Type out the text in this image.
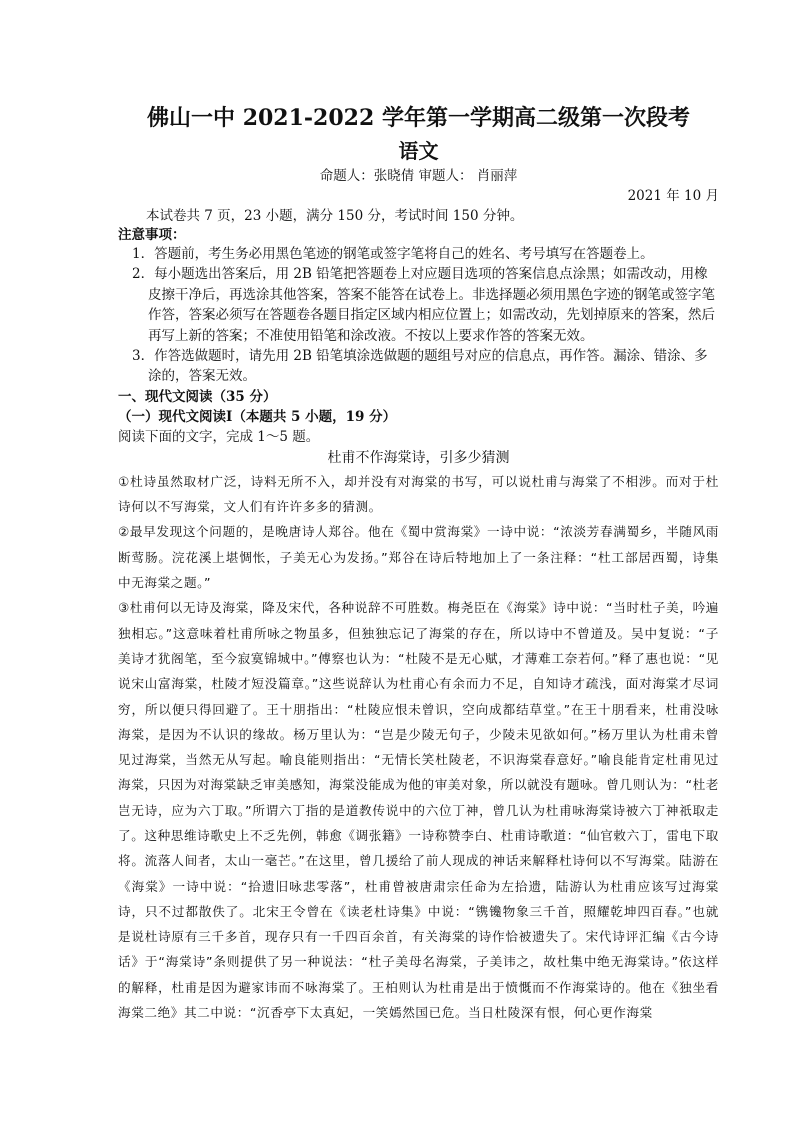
佛山一中 2021-2022 学年第一学期高二级第一次段考
语文
命题人：张晓倩 审题人： 肖丽萍
2021 年 10 月
本试卷共 7 页，23 小题，满分 150 分，考试时间 150 分钟。
注意事项：
1．答题前，考生务必用黑色笔迹的钢笔或签字笔将自己的姓名、考号填写在答题卷上。
2．每小题选出答案后，用 2B 铅笔把答题卷上对应题目选项的答案信息点涂黑；如需改动，用橡皮擦干净后，再选涂其他答案，答案不能答在试卷上。非选择题必须用黑色字迹的钢笔或签字笔作答，答案必须写在答题卷各题目指定区域内相应位置上；如需改动，先划掉原来的答案，然后再写上新的答案；不准使用铅笔和涂改液。不按以上要求作答的答案无效。
3．作答选做题时，请先用 2B 铅笔填涂选做题的题组号对应的信息点，再作答。漏涂、错涂、多涂的，答案无效。
一、现代文阅读（35 分）
（一）现代文阅读Ⅰ（本题共 5 小题，19 分）
阅读下面的文字，完成 1～5 题。
杜甫不作海棠诗，引多少猜测

①杜诗虽然取材广泛，诗料无所不入，却并没有对海棠的书写，可以说杜甫与海棠了不相涉。而对于杜诗何以不写海棠，文人们有许许多多的猜测。

②最早发现这个问题的，是晚唐诗人郑谷。他在《蜀中赏海棠》一诗中说：“浓淡芳春满蜀乡，半随风雨断莺肠。浣花溪上堪惆怅，子美无心为发扬。”郑谷在诗后特地加上了一条注释：“杜工部居西蜀，诗集中无海棠之题。”

③杜甫何以无诗及海棠，降及宋代，各种说辞不可胜数。梅尧臣在《海棠》诗中说：“当时杜子美，吟遍独相忘。”这意味着杜甫所咏之物虽多，但独独忘记了海棠的存在，所以诗中不曾道及。吴中复说：“子美诗才犹阁笔，至今寂寞锦城中。”傅察也认为：“杜陵不是无心赋，才薄难工奈若何。”释了惠也说：“见说宋山富海棠，杜陵才短没篇章。”这些说辞认为杜甫心有余而力不足，自知诗才疏浅，面对海棠才尽词穷，所以便只得回避了。王十朋指出：“杜陵应恨未曾识，空向成都结草堂。”在王十朋看来，杜甫没咏海棠，是因为不认识的缘故。杨万里认为：“岂是少陵无句子，少陵未见欲如何。”杨万里认为杜甫未曾见过海棠，当然无从写起。喻良能则指出：“无情长笑杜陵老，不识海棠春意好。”喻良能肯定杜甫见过海棠，只因为对海棠缺乏审美感知，海棠没能成为他的审美对象，所以就没有题咏。曾几则认为：“杜老岂无诗，应为六丁取。”所谓六丁指的是道教传说中的六位丁神，曾几认为杜甫咏海棠诗被六丁神祇取走了。这种思维诗歌史上不乏先例，韩愈《调张籍》一诗称赞李白、杜甫诗歌道：“仙官敕六丁，雷电下取将。流落人间者，太山一毫芒。”在这里，曾几援给了前人现成的神话来解释杜诗何以不写海棠。陆游在《海棠》一诗中说：“拾遗旧咏悲零落”，杜甫曾被唐肃宗任命为左拾遗，陆游认为杜甫应该写过海棠诗，只不过都散佚了。北宋王令曾在《读老杜诗集》中说：“镌镵物象三千首，照耀乾坤四百春。”也就是说杜诗原有三千多首，现存只有一千四百余首，有关海棠的诗作恰被遗失了。宋代诗评汇编《古今诗话》于“海棠诗”条则提供了另一种说法：“杜子美母名海棠，子美讳之，故杜集中绝无海棠诗。”依这样的解释，杜甫是因为避家讳而不咏海棠了。王柏则认为杜甫是出于愤慨而不作海棠诗的。他在《独坐看海棠二绝》其二中说：“沉香亭下太真妃，一笑嫣然国已危。当日杜陵深有恨，何心更作海棠
